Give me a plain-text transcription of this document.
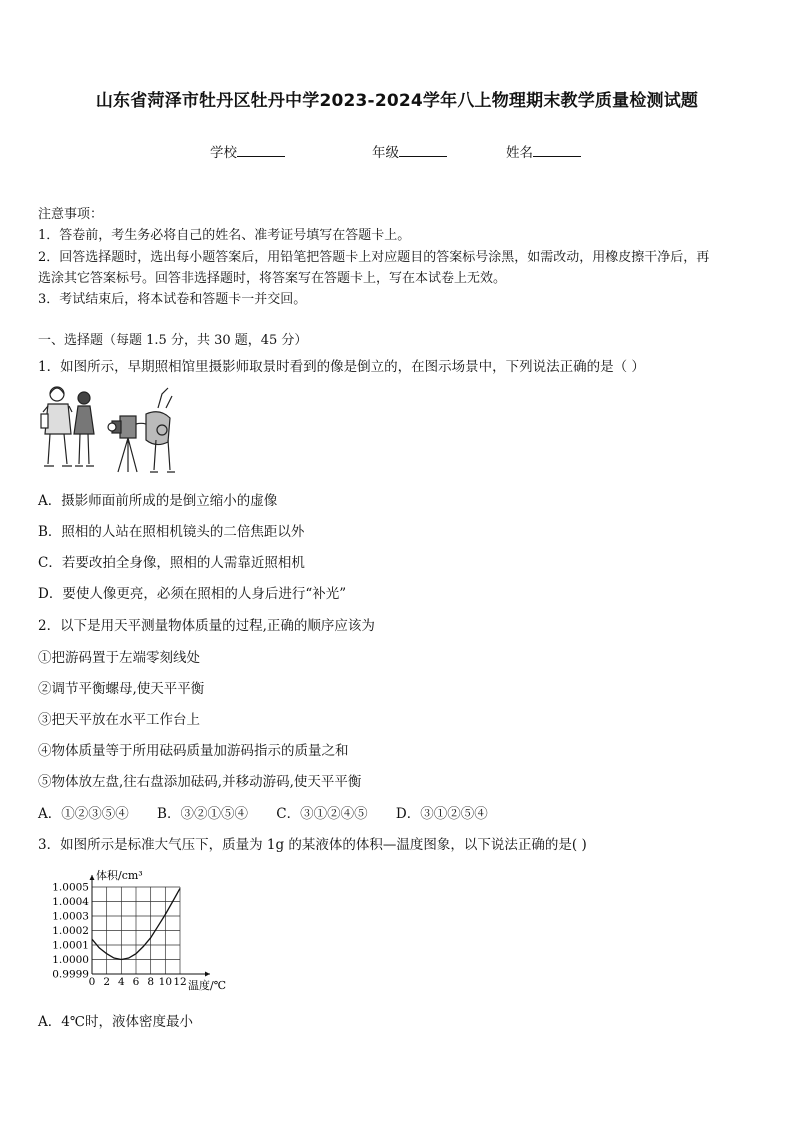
山东省菏泽市牡丹区牡丹中学2023-2024学年八上物理期末教学质量检测试题
学校	年级	姓名
注意事项：
1．答卷前，考生务必将自己的姓名、准考证号填写在答题卡上。
2．回答选择题时，选出每小题答案后，用铅笔把答题卡上对应题目的答案标号涂黑，如需改动，用橡皮擦干净后，再
选涂其它答案标号。回答非选择题时，将答案写在答题卡上，写在本试卷上无效。
3．考试结束后，将本试卷和答题卡一并交回。
一、选择题（每题 1.5 分，共 30 题，45 分）
1．如图所示，早期照相馆里摄影师取景时看到的像是倒立的，在图示场景中，下列说法正确的是（ ）
A．摄影师面前所成的是倒立缩小的虚像
B．照相的人站在照相机镜头的二倍焦距以外
C．若要改拍全身像，照相的人需靠近照相机
D．要使人像更亮，必须在照相的人身后进行“补光”
2．以下是用天平测量物体质量的过程,正确的顺序应该为
①把游码置于左端零刻线处
②调节平衡螺母,使天平平衡
③把天平放在水平工作台上
④物体质量等于所用砝码质量加游码指示的质量之和
⑤物体放左盘,往右盘添加砝码,并移动游码,使天平平衡
A．①②③⑤④ B．③②①⑤④ C．③①②④⑤ D．③①②⑤④
3．如图所示是标准大气压下，质量为 1g 的某液体的体积—温度图象，以下说法正确的是( )
0 2 4 6 8 10 12
0.9999
1.0000
1.0001
1.0002
1.0003
1.0004
1.0005
体积/cm³
温度/℃
A．4℃时，液体密度最小
